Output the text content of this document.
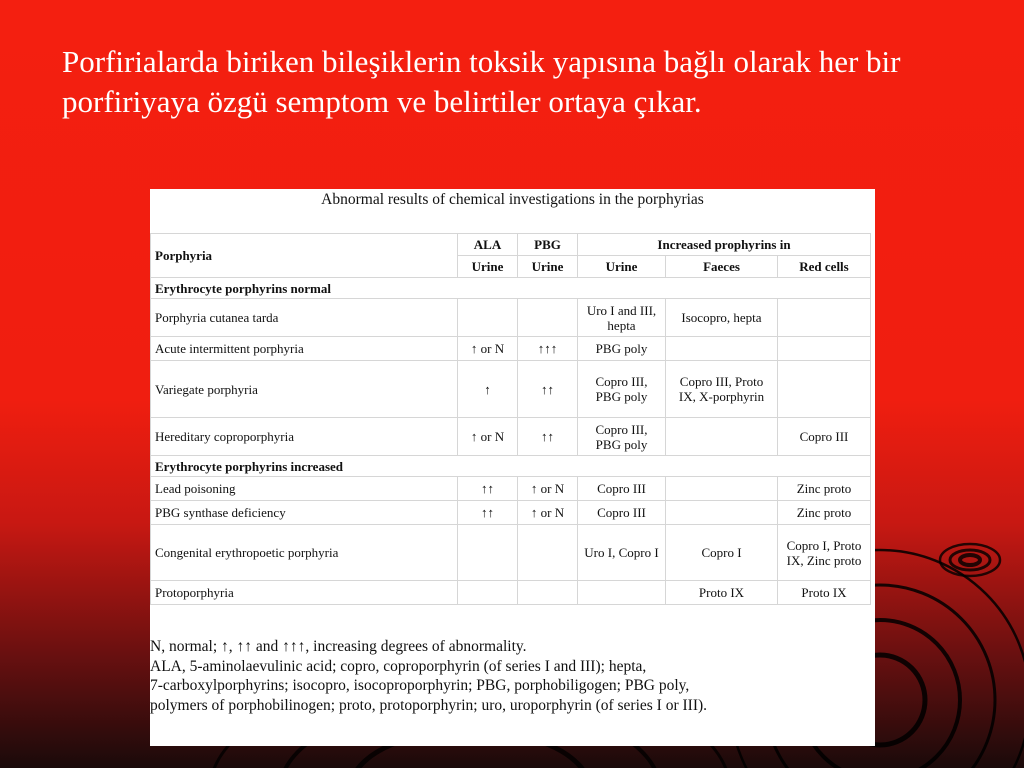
Porfirialarda biriken bileşiklerin toksik yapısına bağlı olarak her bir porfiriyaya özgü semptom ve belirtiler ortaya çıkar.
Abnormal results of chemical investigations in the porphyrias
Porphyria	ALA	PBG	Increased prophyrins in		
	Urine	Urine	Urine	Faeces	Red cells
Erythrocyte porphyrins normal					
Porphyria cutanea tarda			Uro I and III, hepta	Isocopro, hepta	
Acute intermittent porphyria	↑ or N	↑↑↑	PBG poly		
Variegate porphyria	↑	↑↑	Copro III, PBG poly	Copro III, Proto IX, X-porphyrin	
Hereditary coproporphyria	↑ or N	↑↑	Copro III, PBG poly		Copro III
Erythrocyte porphyrins increased					
Lead poisoning	↑↑	↑ or N	Copro III		Zinc proto
PBG synthase deficiency	↑↑	↑ or N	Copro III		Zinc proto
Congenital erythropoetic porphyria			Uro I, Copro I	Copro I	Copro I, Proto IX, Zinc proto
Protoporphyria				Proto IX	Proto IX
N, normal; ↑, ↑↑ and ↑↑↑, increasing degrees of abnormality.
ALA, 5-aminolaevulinic acid; copro, coproporphyrin (of series I and III); hepta,
7-carboxylporphyrins; isocopro, isocoproporphyrin; PBG, porphobiligogen; PBG poly,
polymers of porphobilinogen; proto, protoporphyrin; uro, uroporphyrin (of series I or III).
